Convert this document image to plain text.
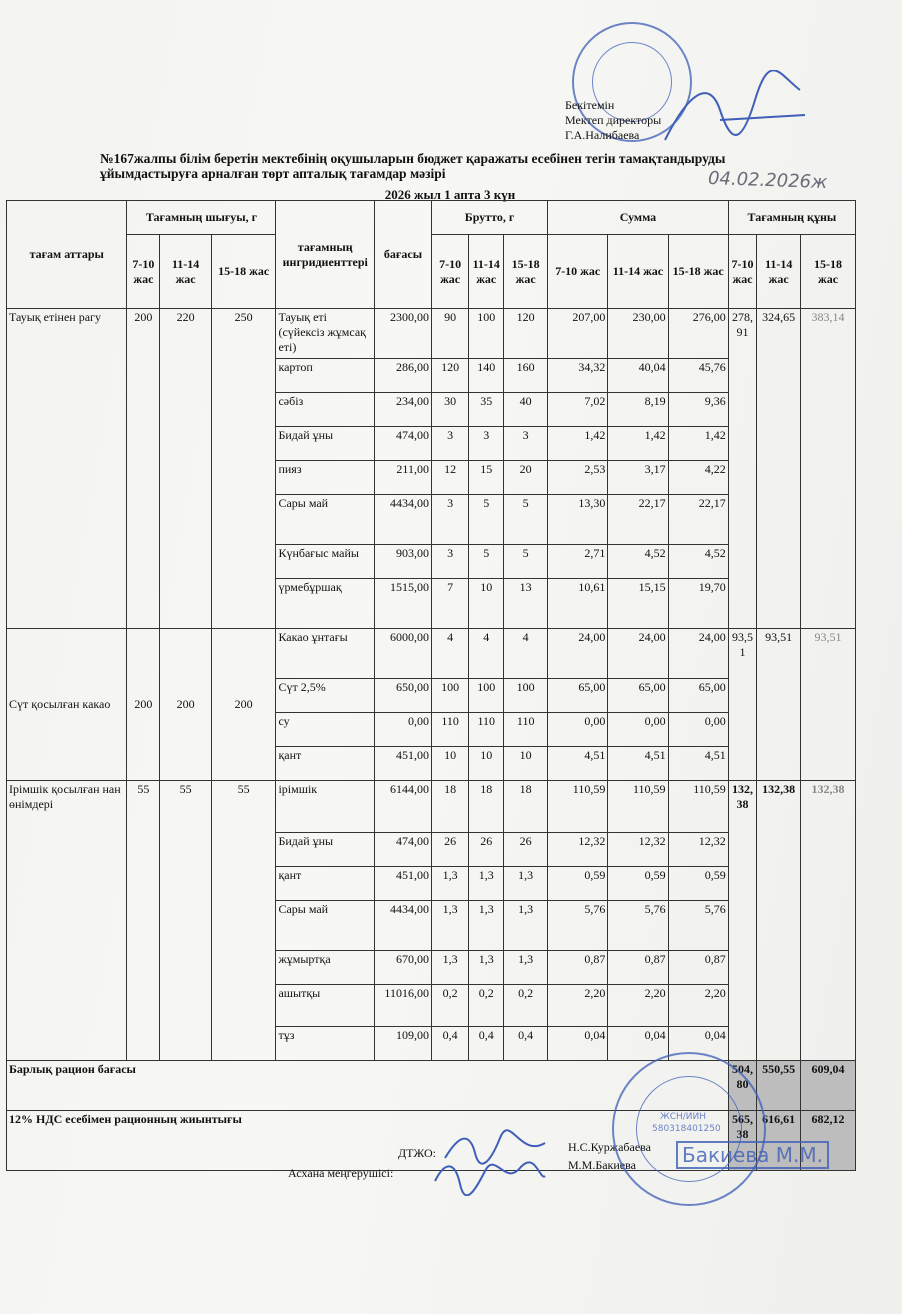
Бекітемін
Мектеп директоры
Г.А.Налибаева
№167жалпы білім беретін мектебінің оқушыларын бюджет қаражаты есебінен тегін тамақтандыруды ұйымдастыруға арналған төрт апталық тағамдар мәзірі	04.02.2026ж
2026 жыл 1 апта 3 күн
тағам аттары	Тағамның шығуы, г			тағамның ингридиенттері	бағасы	Брутто, г			Сумма			Тағамның құны		
	7-10 жас	11-14 жас	15-18 жас			7-10 жас	11-14 жас	15-18 жас	7-10 жас	11-14 жас	15-18 жас	7-10 жас	11-14 жас	15-18 жас
Тауық етінен рагу	200	220	250	Тауық еті (сүйексіз жұмсақ еті)	2300,00	90	100	120	207,00	230,00	276,00	278,91	324,65	383,14
				картоп	286,00	120	140	160	34,32	40,04	45,76			
				сәбіз	234,00	30	35	40	7,02	8,19	9,36			
				Бидай ұны	474,00	3	3	3	1,42	1,42	1,42			
				пияз	211,00	12	15	20	2,53	3,17	4,22			
				Сары май	4434,00	3	5	5	13,30	22,17	22,17			
				Күнбағыс майы	903,00	3	5	5	2,71	4,52	4,52			
				үрмебұршақ	1515,00	7	10	13	10,61	15,15	19,70			
Сүт қосылған какао	200	200	200	Какао ұнтағы	6000,00	4	4	4	24,00	24,00	24,00	93,51	93,51	93,51
				Сүт 2,5%	650,00	100	100	100	65,00	65,00	65,00			
				су	0,00	110	110	110	0,00	0,00	0,00			
				қант	451,00	10	10	10	4,51	4,51	4,51			
Ірімшік қосылған нан өнімдері	55	55	55	ірімшік	6144,00	18	18	18	110,59	110,59	110,59	132,38	132,38	132,38
				Бидай ұны	474,00	26	26	26	12,32	12,32	12,32			
				қант	451,00	1,3	1,3	1,3	0,59	0,59	0,59			
				Сары май	4434,00	1,3	1,3	1,3	5,76	5,76	5,76			
				жұмыртқа	670,00	1,3	1,3	1,3	0,87	0,87	0,87			
				ашытқы	11016,00	0,2	0,2	0,2	2,20	2,20	2,20			
				тұз	109,00	0,4	0,4	0,4	0,04	0,04	0,04			
Барлық рацион бағасы												504,80	550,55	609,04
12% НДС есебімен рационның жиынтығы												565,38	616,61	682,12
ДТЖО:	Н.С.Куржабаева
Асхана меңгерушісі:
М.М.Бакиева
ЖСН/ИИН
580318401250
Бакиева М.М.
